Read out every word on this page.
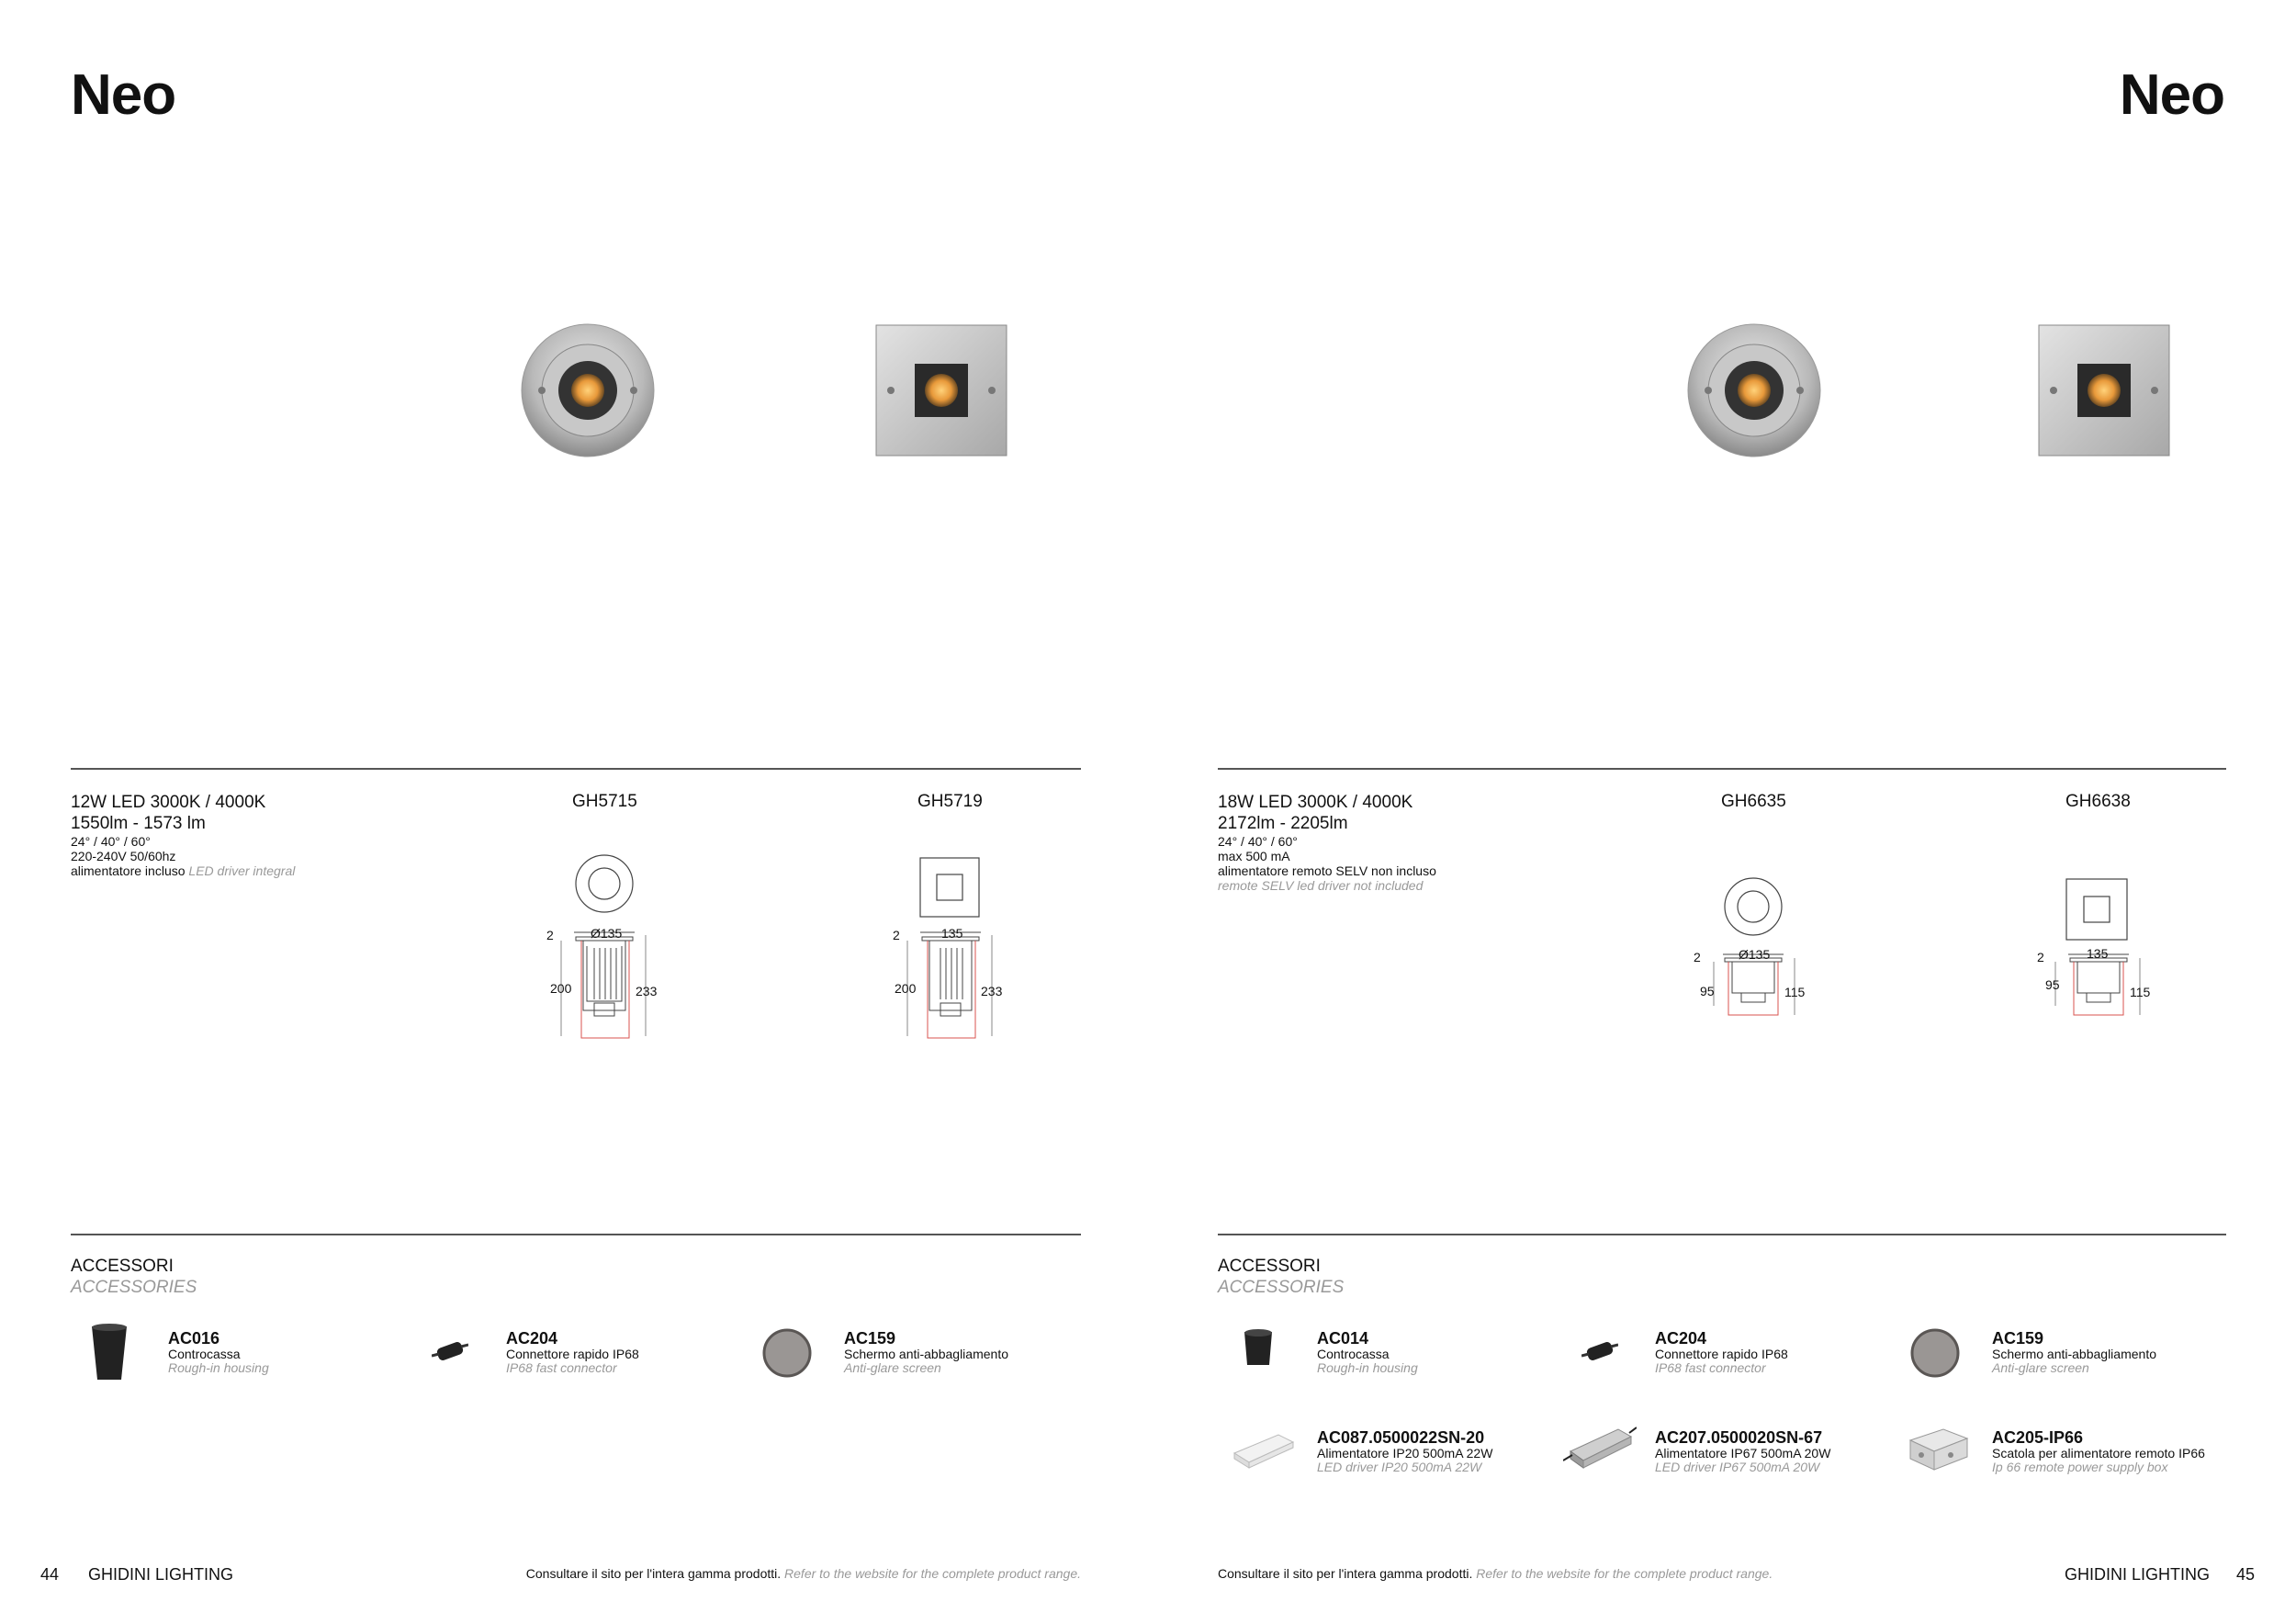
Neo
12W LED 3000K / 4000K
1550lm - 1573 lm
24° / 40° / 60°
220-240V 50/60hz
alimentatore incluso LED driver integral
GH5715	GH5719
2	Ø135
200	233
2	135
200	233
ACCESSORI
ACCESSORIES
AC016
Controcassa
Rough-in housing
AC204
Connettore rapido IP68
IP68 fast connector
AC159
Schermo anti-abbagliamento
Anti-glare screen
44 GHIDINI LIGHTING	Consultare il sito per l'intera gamma prodotti. Refer to the website for the complete product range.
Neo
18W LED 3000K / 4000K
2172lm - 2205lm
24° / 40° / 60°
max 500 mA
alimentatore remoto SELV non incluso
remote SELV led driver not included
GH6635	GH6638
2	Ø135
95	115
2	135
95	115
ACCESSORI
ACCESSORIES
AC014
Controcassa
Rough-in housing
AC204
Connettore rapido IP68
IP68 fast connector
AC159
Schermo anti-abbagliamento
Anti-glare screen
AC087.0500022SN-20
Alimentatore IP20 500mA 22W
LED driver IP20 500mA 22W
AC207.0500020SN-67
Alimentatore IP67 500mA 20W
LED driver IP67 500mA 20W
AC205-IP66
Scatola per alimentatore remoto IP66
Ip 66 remote power supply box
Consultare il sito per l'intera gamma prodotti. Refer to the website for the complete product range.	GHIDINI LIGHTING 45
